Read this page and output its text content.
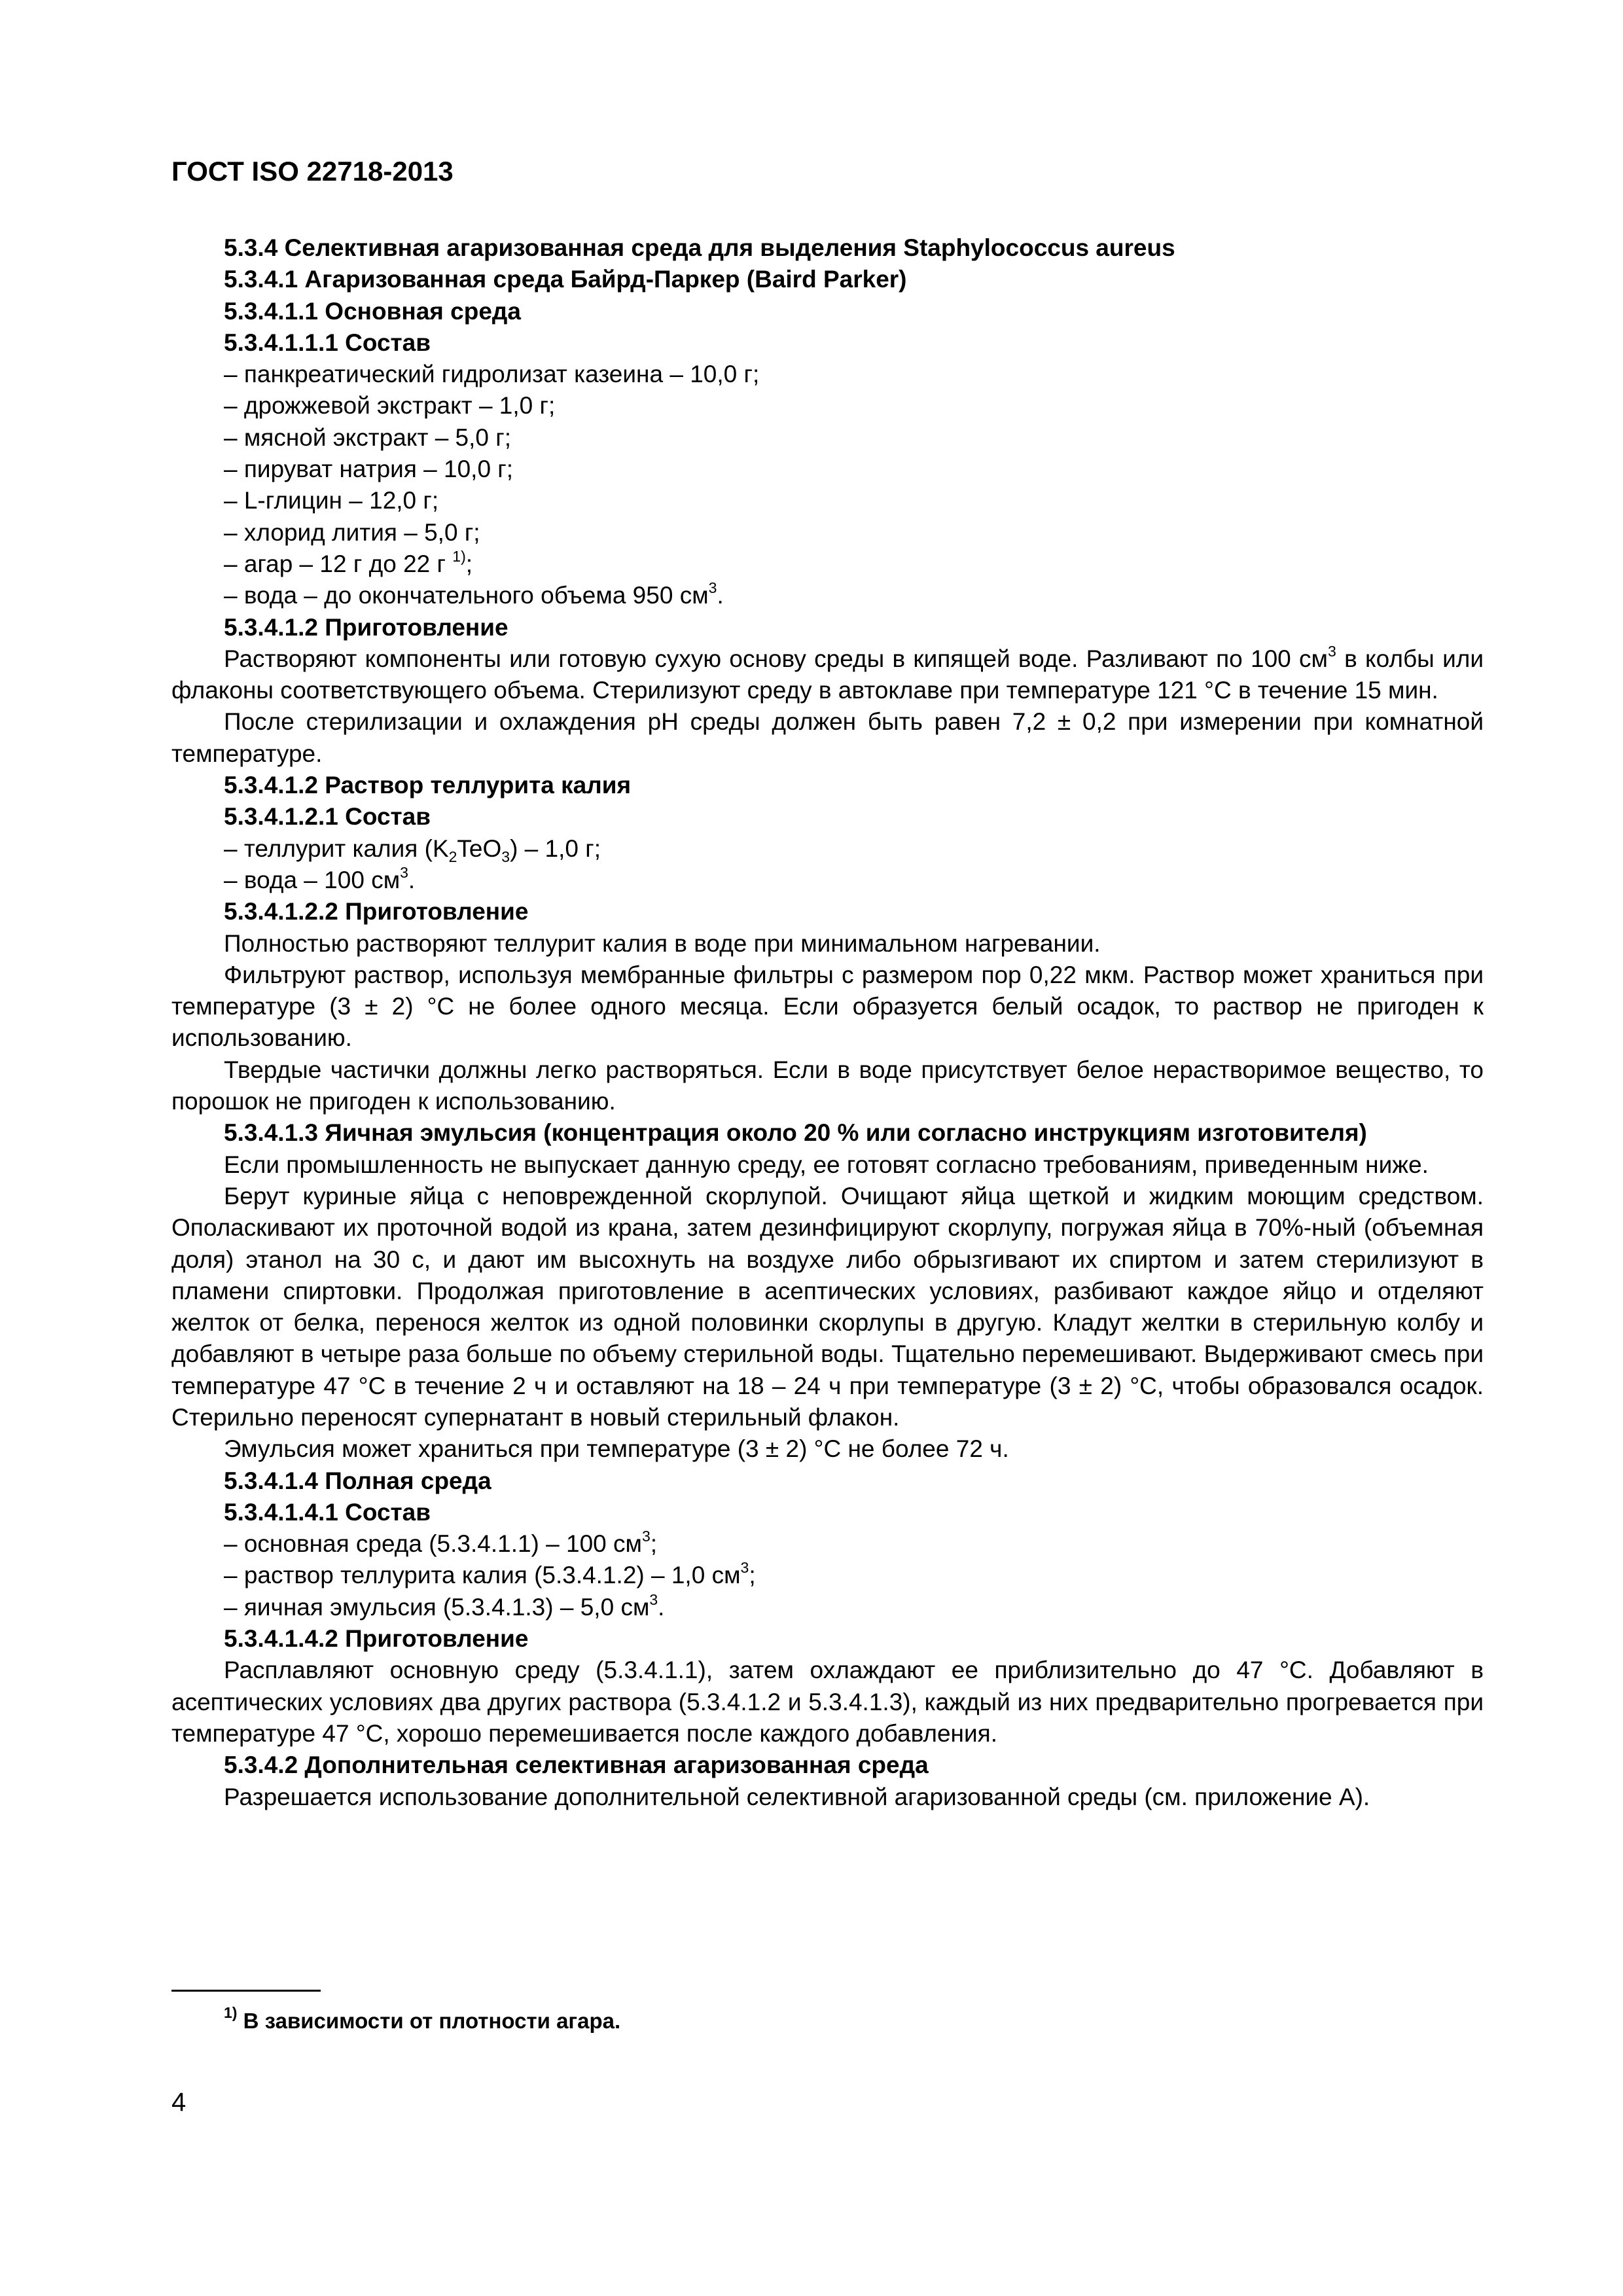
ГОСТ ISO 22718-2013

5.3.4 Селективная агаризованная среда для выделения Staphylococcus aureus

5.3.4.1 Агаризованная среда Байрд-Паркер (Baird Parker)

5.3.4.1.1 Основная среда

5.3.4.1.1.1 Состав

– панкреатический гидролизат казеина – 10,0 г;

– дрожжевой экстракт – 1,0 г;

– мясной экстракт – 5,0 г;

– пируват натрия – 10,0 г;

– L-глицин – 12,0 г;

– хлорид лития – 5,0 г;

– агар – 12 г до 22 г $^{1)}$;

– вода – до окончательного объема 950 $см^3$.

5.3.4.1.2 Приготовление

Растворяют компоненты или готовую сухую основу среды в кипящей воде. Разливают по 100 $см^3$ в колбы или флаконы соответствующего объема. Стерилизуют среду в автоклаве при температуре 121 °С в течение 15 мин.

После стерилизации и охлаждения pH среды должен быть равен 7,2 ± 0,2 при измерении при комнатной температуре.

5.3.4.1.2 Раствор теллурита калия

5.3.4.1.2.1 Состав

– теллурит калия $(K_2TeO_3) - 1,0$ г;

– вода – 100 $см^3$.

5.3.4.1.2.2 Приготовление

Полностью растворяют теллурит калия в воде при минимальном нагревании.

Фильтруют раствор, используя мембранные фильтры с размером пор 0,22 мкм. Раствор может храниться при температуре (3 ± 2) °С не более одного месяца. Если образуется белый осадок, то раствор не пригоден к использованию.

Твердые частички должны легко растворяться. Если в воде присутствует белое нерастворимое вещество, то порошок не пригоден к использованию.

5.3.4.1.3 Яичная эмульсия (концентрация около 20 % или согласно инструкциям изготовителя)

Если промышленность не выпускает данную среду, ее готовят согласно требованиям, приведенным ниже.

Берут куриные яйца с неповрежденной скорлупой. Очищают яйца щеткой и жидким моющим средством. Ополаскивают их проточной водой из крана, затем дезинфицируют скорлупу, погружая яйца в 70%-ный (объемная доля) этанол на 30 с, и дают им высохнуть на воздухе либо обрызгивают их спиртом и затем стерилизуют в пламени спиртовки. Продолжая приготовление в асептических условиях, разбивают каждое яйцо и отделяют желток от белка, перенося желток из одной половинки скорлупы в другую. Кладут желтки в стерильную колбу и добавляют в четыре раза больше по объему стерильной воды. Тщательно перемешивают. Выдерживают смесь при температуре 47 °С в течение 2 ч и оставляют на 18 – 24 ч при температуре (3 ± 2) °С, чтобы образовался осадок. Стерильно переносят супернатант в новый стерильный флакон.

Эмульсия может храниться при температуре (3 ± 2) °С не более 72 ч.

5.3.4.1.4 Полная среда

5.3.4.1.4.1 Состав

– основная среда (5.3.4.1.1) – 100 $см^3$;

– раствор теллурита калия (5.3.4.1.2) – 1,0 $см^3$;

– яичная эмульсия (5.3.4.1.3) – 5,0 $см^3$.

5.3.4.1.4.2 Приготовление

Расплавляют основную среду (5.3.4.1.1), затем охлаждают ее приблизительно до 47 °С. Добавляют в асептических условиях два других раствора (5.3.4.1.2 и 5.3.4.1.3), каждый из них предварительно прогревается при температуре 47 °С, хорошо перемешивается после каждого добавления.

5.3.4.2 Дополнительная селективная агаризованная среда

Разрешается использование дополнительной селективной агаризованной среды (см. приложение А).

$^{1)}$ В зависимости от плотности агара.
4
